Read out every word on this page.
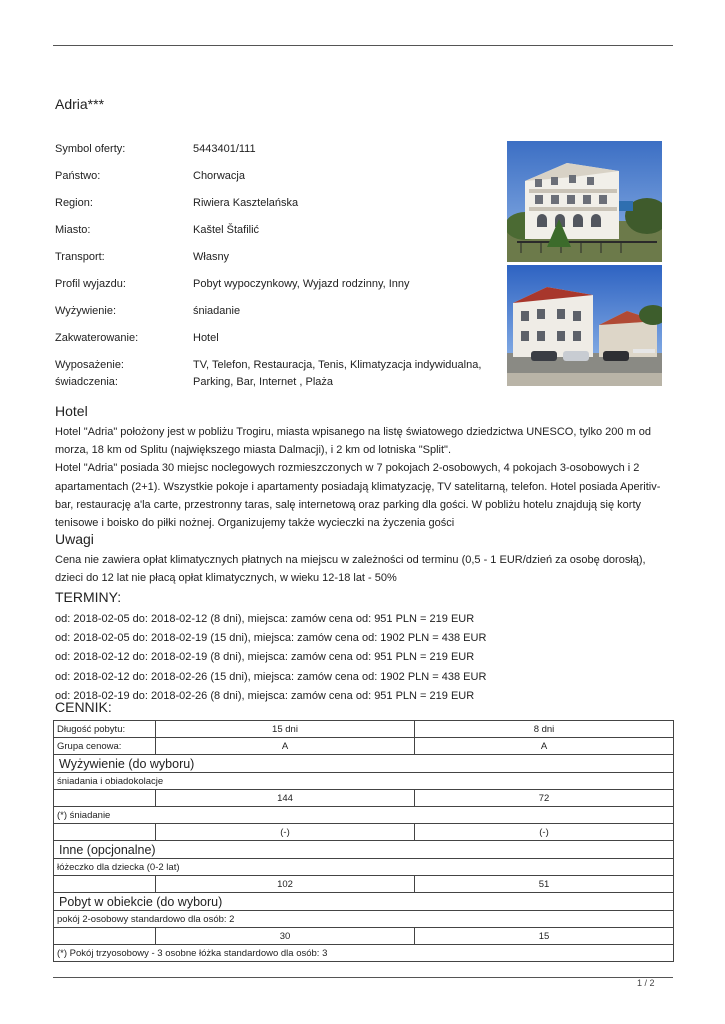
Adria***
Symbol oferty:	5443401/111
Państwo:	Chorwacja
Region:	Riwiera Kasztelańska
Miasto:	Kaštel Štafilić
Transport:	Własny
Profil wyjazdu:	Pobyt wypoczynkowy, Wyjazd rodzinny, Inny
Wyżywienie:	śniadanie
Zakwaterowanie:	Hotel
Wyposażenie:	TV, Telefon, Restauracja, Tenis, Klimatyzacja indywidualna, Parking, Bar, Internet , Plaża
świadczenia:
Hotel

Hotel "Adria" położony jest w pobliżu Trogiru, miasta wpisanego na listę światowego dziedzictwa UNESCO, tylko 200 m od morza, 18 km od Splitu (największego miasta Dalmacji), i 2 km od lotniska "Split".

Hotel "Adria" posiada 30 miejsc noclegowych rozmieszczonych w 7 pokojach 2-osobowych, 4 pokojach 3-osobowych i 2 apartamentach (2+1). Wszystkie pokoje i apartamenty posiadają klimatyzację, TV satelitarną, telefon. Hotel posiada Aperitiv-bar, restaurację a'la carte, przestronny taras, salę internetową oraz parking dla gości. W pobliżu hotelu znajdują się korty tenisowe i boisko do piłki nożnej. Organizujemy także wycieczki na życzenia gości

Uwagi

Cena nie zawiera opłat klimatycznych płatnych na miejscu w zależności od terminu (0,5 - 1 EUR/dzień za osobę dorosłą), dzieci do 12 lat nie płacą opłat klimatycznych, w wieku 12-18 lat - 50%

TERMINY:
od: 2018-02-05 do: 2018-02-12 (8 dni), miejsca: zamów cena od: 951 PLN = 219 EUR
od: 2018-02-05 do: 2018-02-19 (15 dni), miejsca: zamów cena od: 1902 PLN = 438 EUR
od: 2018-02-12 do: 2018-02-19 (8 dni), miejsca: zamów cena od: 951 PLN = 219 EUR
od: 2018-02-12 do: 2018-02-26 (15 dni), miejsca: zamów cena od: 1902 PLN = 438 EUR
od: 2018-02-19 do: 2018-02-26 (8 dni), miejsca: zamów cena od: 951 PLN = 219 EUR
CENNIK:
Długość pobytu:	15 dni	8 dni
Grupa cenowa:	A	A
Wyżywienie (do wyboru)		
śniadania i obiadokolacje		
	144	72
(*) śniadanie		
	(-)	(-)
Inne (opcjonalne)		
łóżeczko dla dziecka (0-2 lat)		
	102	51
Pobyt w obiekcie (do wyboru)		
pokój 2-osobowy standardowo dla osób: 2		
	30	15
(*) Pokój trzyosobowy - 3 osobne łóżka standardowo dla osób: 3		
1 / 2
